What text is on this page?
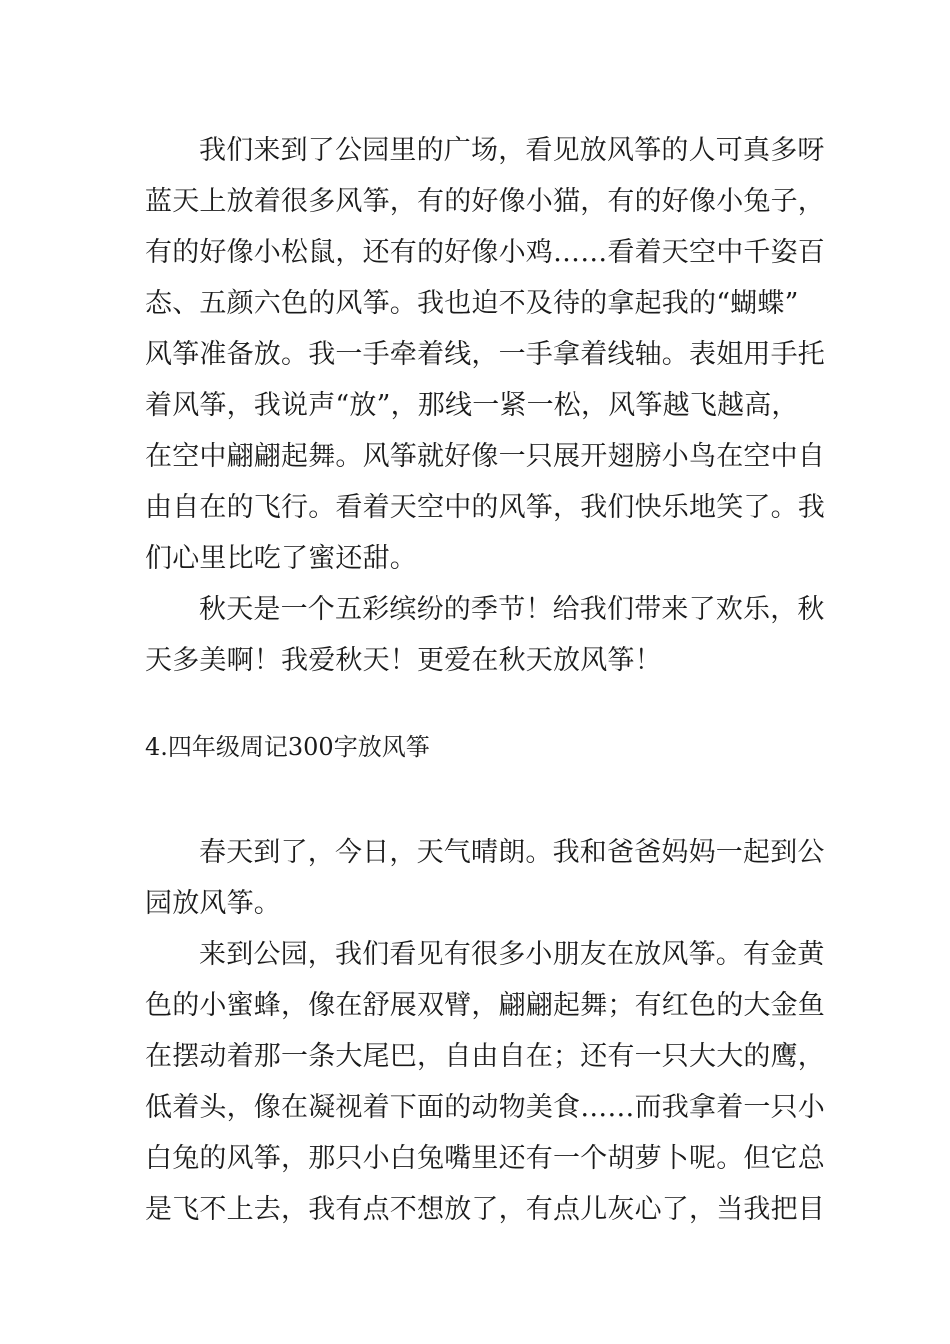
我们来到了公园里的广场，看见放风筝的人可真多呀
蓝天上放着很多风筝，有的好像小猫，有的好像小兔子，
有的好像小松鼠，还有的好像小鸡……看着天空中千姿百
态、五颜六色的风筝。我也迫不及待的拿起我的“蝴蝶”
风筝准备放。我一手牵着线，一手拿着线轴。表姐用手托
着风筝，我说声“放”，那线一紧一松，风筝越飞越高，
在空中翩翩起舞。风筝就好像一只展开翅膀小鸟在空中自
由自在的飞行。看着天空中的风筝，我们快乐地笑了。我
们心里比吃了蜜还甜。
秋天是一个五彩缤纷的季节！给我们带来了欢乐，秋
天多美啊！我爱秋天！更爱在秋天放风筝！
4.四年级周记300字放风筝
春天到了，今日，天气晴朗。我和爸爸妈妈一起到公
园放风筝。
来到公园，我们看见有很多小朋友在放风筝。有金黄
色的小蜜蜂，像在舒展双臂，翩翩起舞；有红色的大金鱼
在摆动着那一条大尾巴，自由自在；还有一只大大的鹰，
低着头，像在凝视着下面的动物美食……而我拿着一只小
白兔的风筝，那只小白兔嘴里还有一个胡萝卜呢。但它总
是飞不上去，我有点不想放了，有点儿灰心了，当我把目
